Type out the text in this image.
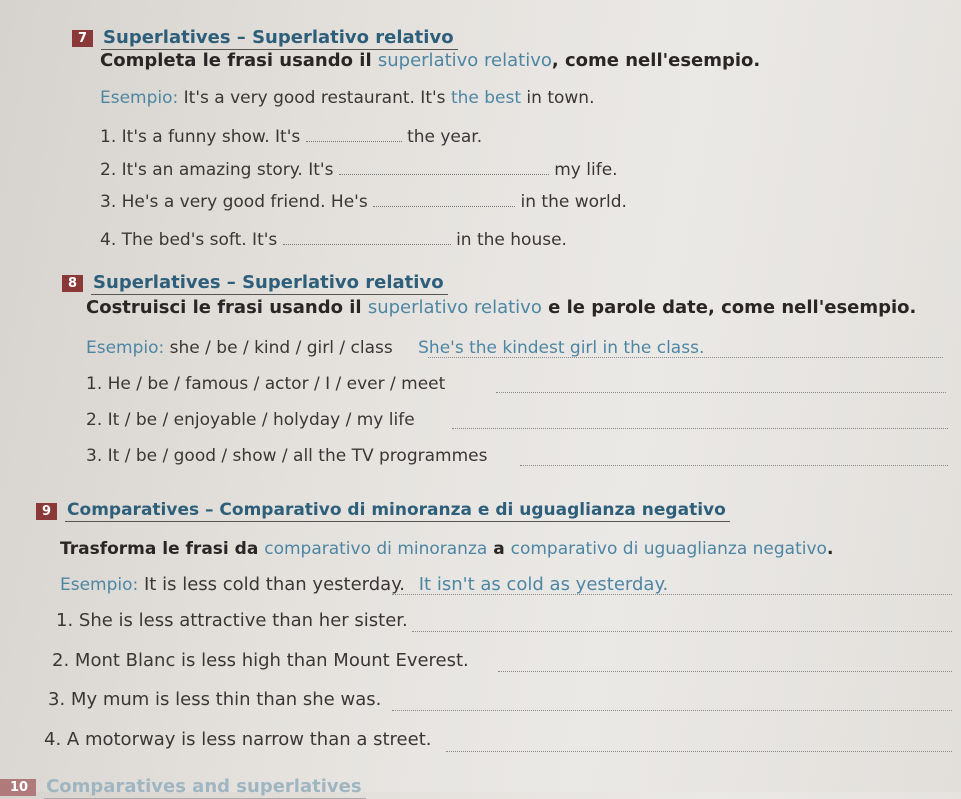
7 Superlatives – Superlativo relativo
Completa le frasi usando il superlativo relativo, come nell'esempio.
Esempio: It's a very good restaurant. It's the best in town.
1. It's a funny show. It's	the year.
2. It's an amazing story. It's	my life.
3. He's a very good friend. He's	in the world.
4. The bed's soft. It's	in the house.
8 Superlatives – Superlativo relativo
Costruisci le frasi usando il superlativo relativo e le parole date, come nell'esempio.
Esempio: she / be / kind / girl / class She's the kindest girl in the class.
1. He / be / famous / actor / I / ever / meet
2. It / be / enjoyable / holyday / my life
3. It / be / good / show / all the TV programmes
9 Comparatives – Comparativo di minoranza e di uguaglianza negativo
Trasforma le frasi da comparativo di minoranza a comparativo di uguaglianza negativo.
Esempio: It is less cold than yesterday. It isn't as cold as yesterday.
1. She is less attractive than her sister.
2. Mont Blanc is less high than Mount Everest.
3. My mum is less thin than she was.
4. A motorway is less narrow than a street.
10	Comparatives and superlatives
